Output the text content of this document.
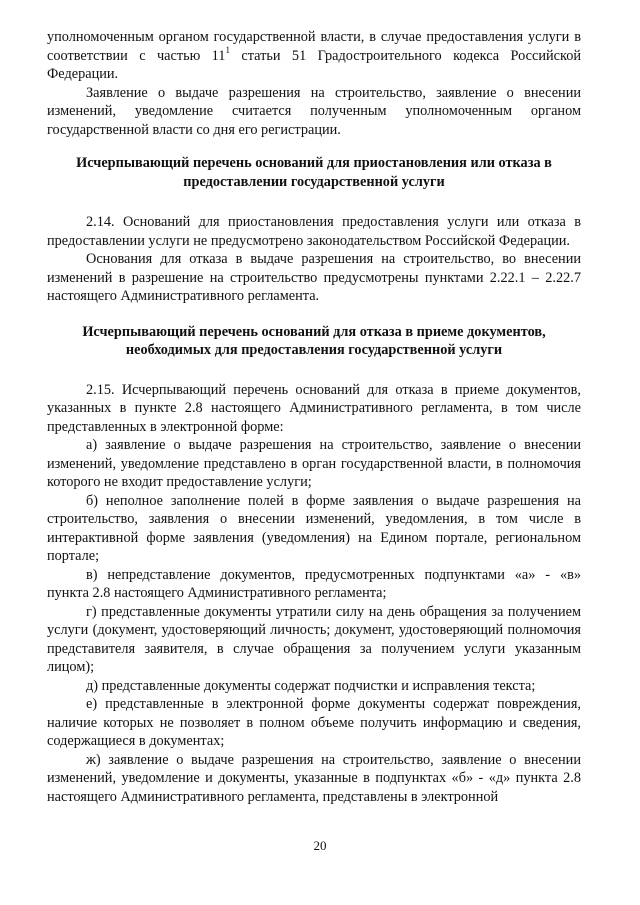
уполномоченным органом государственной власти, в случае предоставления услуги в соответствии с частью $11^1$ статьи 51 Градостроительного кодекса Российской Федерации.

Заявление о выдаче разрешения на строительство, заявление о внесении изменений, уведомление считается полученным уполномоченным органом государственной власти со дня его регистрации.

Исчерпывающий перечень оснований для приостановления или отказа в предоставлении государственной услуги

2.14. Оснований для приостановления предоставления услуги или отказа в предоставлении услуги не предусмотрено законодательством Российской Федерации.

Основания для отказа в выдаче разрешения на строительство, во внесении изменений в разрешение на строительство предусмотрены пунктами 2.22.1 – 2.22.7 настоящего Административного регламента.

Исчерпывающий перечень оснований для отказа в приеме документов, необходимых для предоставления государственной услуги

2.15. Исчерпывающий перечень оснований для отказа в приеме документов, указанных в пункте 2.8 настоящего Административного регламента, в том числе представленных в электронной форме:

а) заявление о выдаче разрешения на строительство, заявление о внесении изменений, уведомление представлено в орган государственной власти, в полномочия которого не входит предоставление услуги;

б) неполное заполнение полей в форме заявления о выдаче разрешения на строительство, заявления о внесении изменений, уведомления, в том числе в интерактивной форме заявления (уведомления) на Едином портале, региональном портале;

в) непредставление документов, предусмотренных подпунктами «а» - «в» пункта 2.8 настоящего Административного регламента;

г) представленные документы утратили силу на день обращения за получением услуги (документ, удостоверяющий личность; документ, удостоверяющий полномочия представителя заявителя, в случае обращения за получением услуги указанным лицом);

д) представленные документы содержат подчистки и исправления текста;

е) представленные в электронной форме документы содержат повреждения, наличие которых не позволяет в полном объеме получить информацию и сведения, содержащиеся в документах;

ж) заявление о выдаче разрешения на строительство, заявление о внесении изменений, уведомление и документы, указанные в подпунктах «б» - «д» пункта 2.8 настоящего Административного регламента, представлены в электронной

20
